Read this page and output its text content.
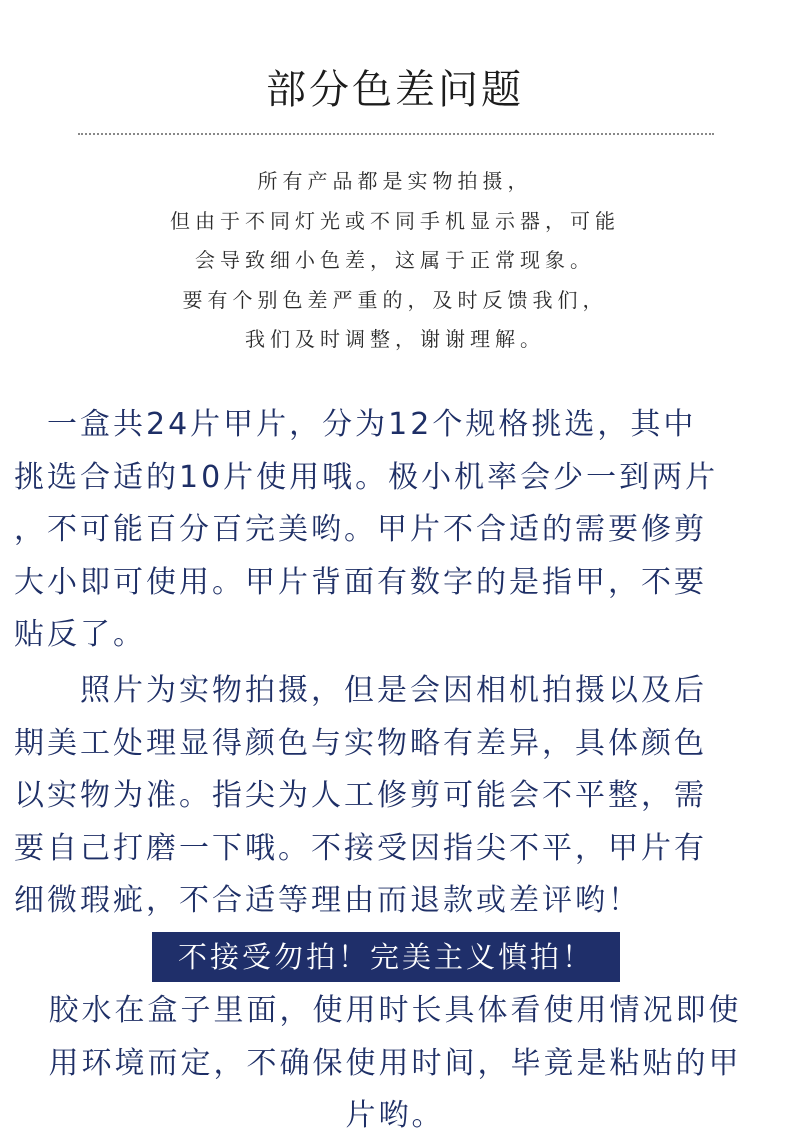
部分色差问题
所有产品都是实物拍摄，
但由于不同灯光或不同手机显示器，可能
会导致细小色差，这属于正常现象。
要有个别色差严重的，及时反馈我们，
我们及时调整，谢谢理解。
　一盒共24片甲片，分为12个规格挑选，其中
挑选合适的10片使用哦。极小机率会少一到两片
，不可能百分百完美哟。甲片不合适的需要修剪
大小即可使用。甲片背面有数字的是指甲，不要
贴反了。
　　照片为实物拍摄，但是会因相机拍摄以及后
期美工处理显得颜色与实物略有差异，具体颜色
以实物为准。指尖为人工修剪可能会不平整，需
要自己打磨一下哦。不接受因指尖不平，甲片有
细微瑕疵，不合适等理由而退款或差评哟！
不接受勿拍！完美主义慎拍！
胶水在盒子里面，使用时长具体看使用情况即使
用环境而定，不确保使用时间，毕竟是粘贴的甲
片哟。
